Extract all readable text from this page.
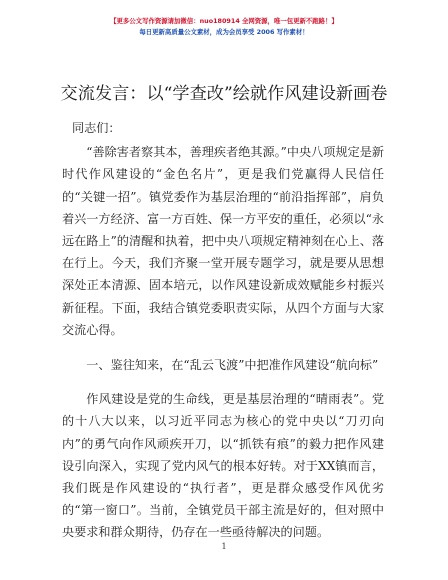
【更多公文写作资源请加微信：nuo180914 全网资源，唯一包更新不跑路！】
每日更新高质量公文素材，成为会员享受 2006 写作素材！
交流发言：以“学查改”绘就作风建设新画卷

同志们：

“善除害者察其本，善理疾者绝其源。”中央八项规定是新时代作风建设的“金色名片”，更是我们党赢得人民信任的“关键一招”。镇党委作为基层治理的“前沿指挥部”，肩负着兴一方经济、富一方百姓、保一方平安的重任，必须以“永远在路上”的清醒和执着，把中央八项规定精神刻在心上、落在行上。今天，我们齐聚一堂开展专题学习，就是要从思想深处正本清源、固本培元，以作风建设新成效赋能乡村振兴新征程。下面，我结合镇党委职责实际，从四个方面与大家交流心得。

一、鉴往知来，在“乱云飞渡”中把准作风建设“航向标”

作风建设是党的生命线，更是基层治理的“晴雨表”。党的十八大以来，以习近平同志为核心的党中央以“刀刃向内”的勇气向作风顽疾开刀，以“抓铁有痕”的毅力把作风建设引向深入，实现了党内风气的根本好转。对于XX镇而言，我们既是作风建设的“执行者”，更是群众感受作风优劣的“第一窗口”。当前，全镇党员干部主流是好的，但对照中央要求和群众期待，仍存在一些亟待解决的问题。

1
